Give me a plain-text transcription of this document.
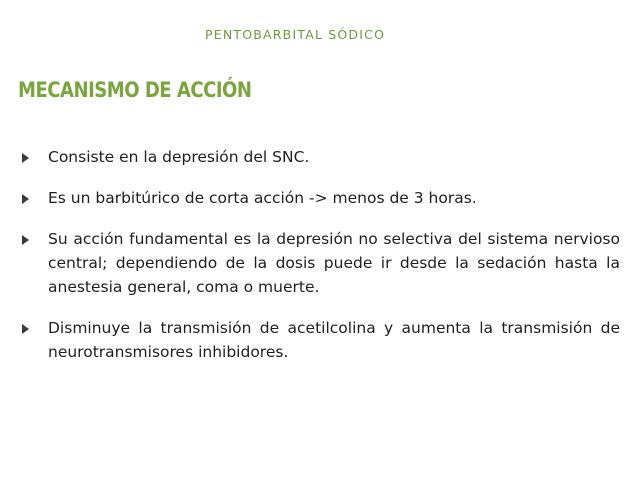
PENTOBARBITAL SÓDICO
MECANISMO DE ACCIÓN
Consiste en la depresión del SNC.
Es un barbitúrico de corta acción -> menos de 3 horas.
Su acción fundamental es la depresión no selectiva del sistema nervioso central; dependiendo de la dosis puede ir desde la sedación hasta la anestesia general, coma o muerte.
Disminuye la transmisión de acetilcolina y aumenta la transmisión de neurotransmisores inhibidores.
